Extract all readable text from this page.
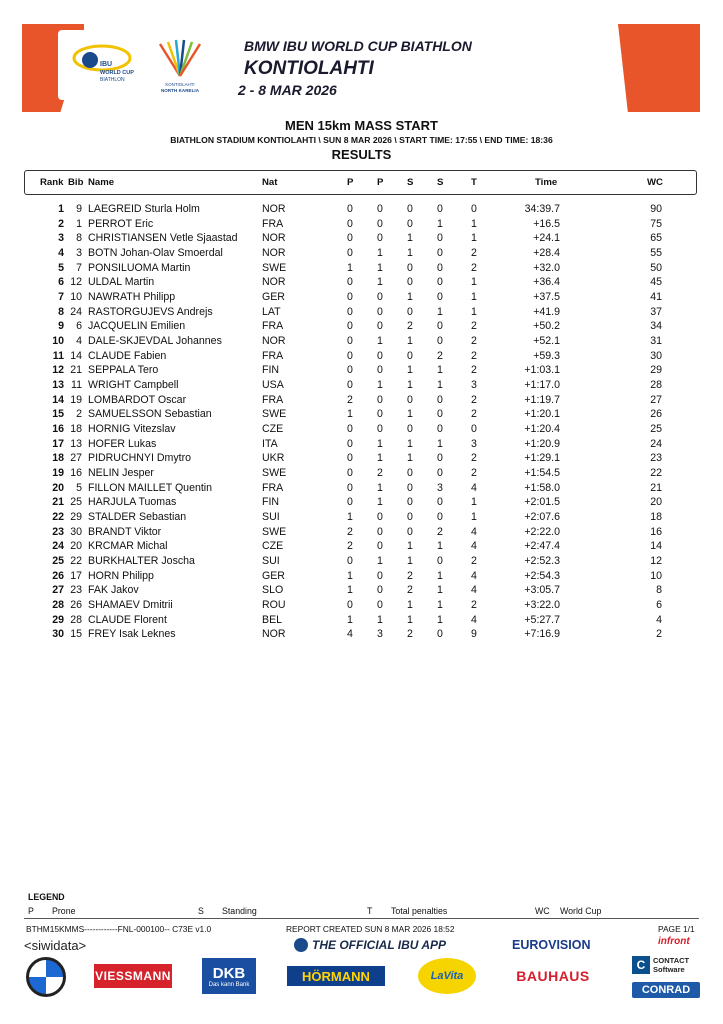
IBU
WORLD CUP
BIATHLON
KONTIOLAHTI
NORTH KARELIA
BMW IBU WORLD CUP BIATHLON
KONTIOLAHTI
2 - 8 MAR 2026
MEN 15km MASS START
BIATHLON STADIUM KONTIOLAHTI \ SUN 8 MAR 2026 \ START TIME: 17:55 \ END TIME: 18:36
RESULTS
Rank Bib Name	Nat	P P S S	T	Time	WC
1	9 LAEGREID Sturla Holm	NOR	0 0 0 0	0	34:39.7	90
2	1 PERROT Eric	FRA	0 0 0 1	1	+16.5	75
3	8 CHRISTIANSEN Vetle Sjaastad NOR	0 0 1 0	1	+24.1	65
4	3 BOTN Johan-Olav Smoerdal	NOR	0 1 1 0	2	+28.4	55
5	7 PONSILUOMA Martin	SWE	1 1 0 0	2	+32.0	50
6 12 ULDAL Martin	NOR	0 1 0 0	1	+36.4	45
7 10 NAWRATH Philipp	GER	0 0 1 0	1	+37.5	41
8 24 RASTORGUJEVS Andrejs	LAT	0 0 0 1	1	+41.9	37
9	6 JACQUELIN Emilien	FRA	0 0 2 0	2	+50.2	34
10	4 DALE-SKJEVDAL Johannes	NOR	0 1 1 0	2	+52.1	31
11 14 CLAUDE Fabien	FRA	0 0 0 2	2	+59.3	30
12 21 SEPPALA Tero	FIN	0 0 1 1	2	+1:03.1	29
13 11 WRIGHT Campbell	USA	0 1 1 1	3	+1:17.0	28
14 19 LOMBARDOT Oscar	FRA	2 0 0 0	2	+1:19.7	27
15	2 SAMUELSSON Sebastian	SWE	1 0 1 0	2	+1:20.1	26
16 18 HORNIG Vitezslav	CZE	0 0 0 0	0	+1:20.4	25
17 13 HOFER Lukas	ITA	0 1 1 1	3	+1:20.9	24
18 27 PIDRUCHNYI Dmytro	UKR	0 1 1 0	2	+1:29.1	23
19 16 NELIN Jesper	SWE	0 2 0 0	2	+1:54.5	22
20	5 FILLON MAILLET Quentin	FRA	0 1 0 3	4	+1:58.0	21
21 25 HARJULA Tuomas	FIN	0 1 0 0	1	+2:01.5	20
22 29 STALDER Sebastian	SUI	1 0 0 0	1	+2:07.6	18
23 30 BRANDT Viktor	SWE	2 0 0 2	4	+2:22.0	16
24 20 KRCMAR Michal	CZE	2 0 1 1	4	+2:47.4	14
25 22 BURKHALTER Joscha	SUI	0 1 1 0	2	+2:52.3	12
26 17 HORN Philipp	GER	1 0 2 1	4	+2:54.3	10
27 23 FAK Jakov	SLO	1 0 2 1	4	+3:05.7	8
28 26 SHAMAEV Dmitrii	ROU	0 0 1 1	2	+3:22.0	6
29 28 CLAUDE Florent	BEL	1 1 1 1	4	+5:27.7	4
30 15 FREY Isak Leknes	NOR	4 3 2 0	9	+7:16.9	2
LEGEND
P Prone	S Standing	T Total penalties	WC World Cup
BTHM15KMMS------------FNL-000100-- C73E v1.0	REPORT CREATED SUN 8 MAR 2026 18:52	PAGE 1/1
<siwidata>	THE OFFICIAL IBU APP	EUROVISION	infront
VIESSMANN	DKB
Das kann Bank
HÖRMANN	LaVita	BAUHAUS
C	CONTACT
Software
CONRAD
